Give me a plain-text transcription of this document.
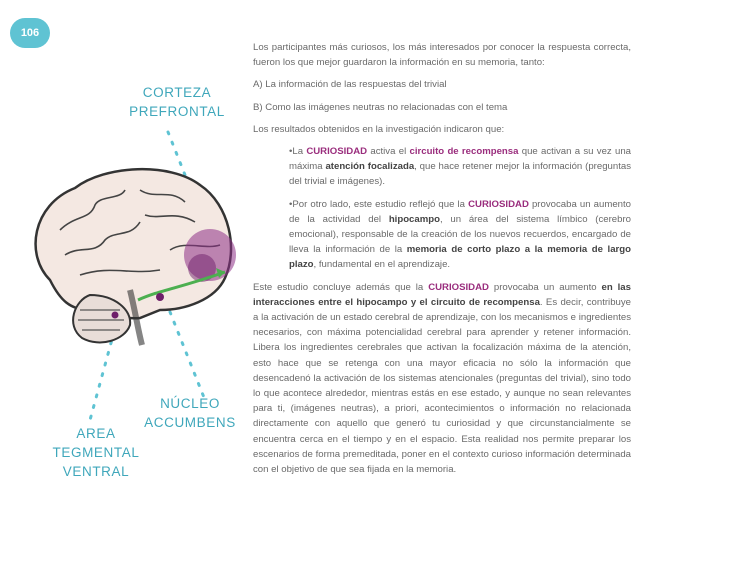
106
CORTEZA
PREFRONTAL
NÚCLEO
ACCUMBENS
AREA
TEGMENTAL
VENTRAL

Los participantes más curiosos, los más interesados por conocer la respuesta correcta, fueron los que mejor guardaron la información en su memoria, tanto:

A) La información de las respuestas del trivial

B) Como las imágenes neutras no relacionadas con el tema

Los resultados obtenidos en la investigación indicaron que:

•La CURIOSIDAD activa el circuito de recompensa que activan a su vez una máxima atención focalizada, que hace retener mejor la información (preguntas del trivial e imágenes).

•Por otro lado, este estudio reflejó que la CURIOSIDAD provocaba un aumento de la actividad del hipocampo, un área del sistema límbico (cerebro emocional), responsable de la creación de los nuevos recuerdos, encargado de lleva la información de la memoria de corto plazo a la memoria de largo plazo, fundamental en el aprendizaje.

Este estudio concluye además que la CURIOSIDAD provocaba un aumento en las interacciones entre el hipocampo y el circuito de recompensa. Es decir, contribuye a la activación de un estado cerebral de aprendizaje, con los mecanismos e ingredientes necesarios, con máxima potencialidad cerebral para aprender y retener información. Libera los ingredientes cerebrales que activan la focalización máxima de la atención, esto hace que se retenga con una mayor eficacia no sólo la información que desencadenó la activación de los sistemas atencionales (preguntas del trivial), sino todo lo que acontece alrededor, mientras estás en ese estado, y aunque no sean relevantes para ti, (imágenes neutras), a priori, acontecimientos o información no relacionada directamente con aquello que generó tu curiosidad y que circunstancialmente se encuentra cerca en el tiempo y en el espacio. Esta realidad nos permite preparar los escenarios de forma premeditada, poner en el contexto curioso información determinada con el objetivo de que sea fijada en la memoria.
